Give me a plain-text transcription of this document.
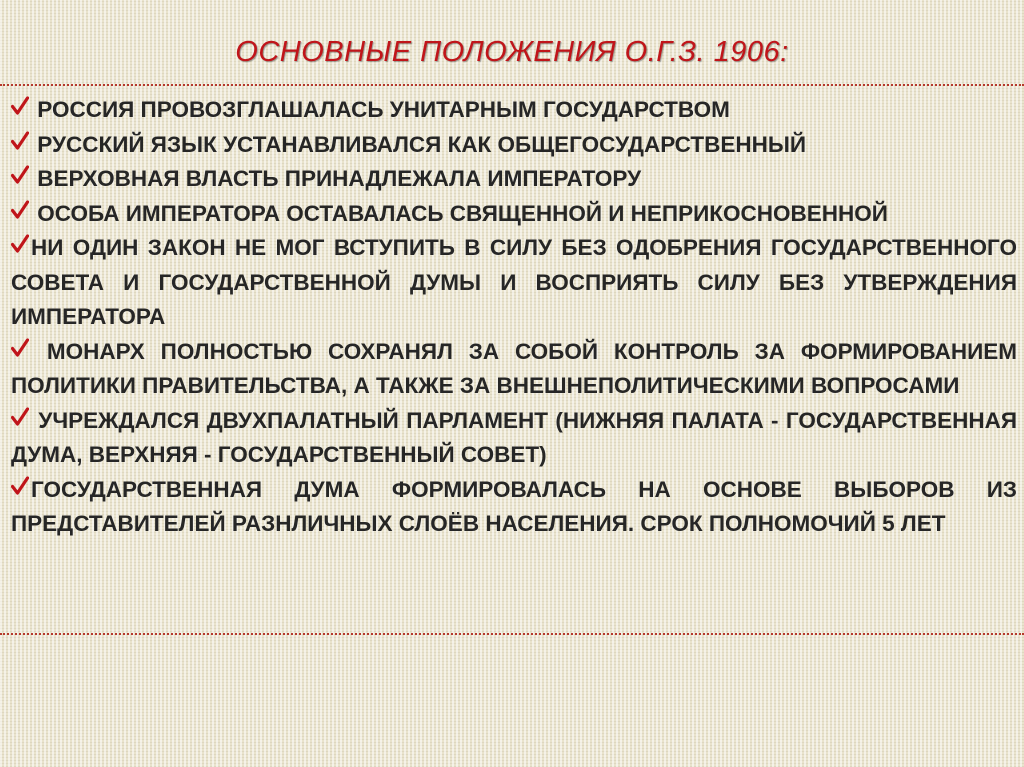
ОСНОВНЫЕ ПОЛОЖЕНИЯ О.Г.З. 1906:

РОССИЯ ПРОВОЗГЛАШАЛАСЬ УНИТАРНЫМ ГОСУДАРСТВОМ

РУССКИЙ ЯЗЫК УСТАНАВЛИВАЛСЯ КАК ОБЩЕГОСУДАРСТВЕННЫЙ

ВЕРХОВНАЯ ВЛАСТЬ ПРИНАДЛЕЖАЛА ИМПЕРАТОРУ

ОСОБА ИМПЕРАТОРА ОСТАВАЛАСЬ СВЯЩЕННОЙ И НЕПРИКОСНОВЕННОЙ

НИ ОДИН ЗАКОН НЕ МОГ ВСТУПИТЬ В СИЛУ БЕЗ ОДОБРЕНИЯ ГОСУДАРСТВЕННОГО СОВЕТА И ГОСУДАРСТВЕННОЙ ДУМЫ И ВОСПРИЯТЬ СИЛУ БЕЗ УТВЕРЖДЕНИЯ ИМПЕРАТОРА

МОНАРХ ПОЛНОСТЬЮ СОХРАНЯЛ ЗА СОБОЙ КОНТРОЛЬ ЗА ФОРМИРОВАНИЕМ ПОЛИТИКИ ПРАВИТЕЛЬСТВА, А ТАКЖЕ ЗА ВНЕШНЕПОЛИТИЧЕСКИМИ ВОПРОСАМИ

УЧРЕЖДАЛСЯ ДВУХПАЛАТНЫЙ ПАРЛАМЕНТ (НИЖНЯЯ ПАЛАТА - ГОСУДАРСТВЕННАЯ ДУМА, ВЕРХНЯЯ - ГОСУДАРСТВЕННЫЙ СОВЕТ)

ГОСУДАРСТВЕННАЯ ДУМА ФОРМИРОВАЛАСЬ НА ОСНОВЕ ВЫБОРОВ ИЗ ПРЕДСТАВИТЕЛЕЙ РАЗНЛИЧНЫХ СЛОЁВ НАСЕЛЕНИЯ. СРОК ПОЛНОМОЧИЙ 5 ЛЕТ
